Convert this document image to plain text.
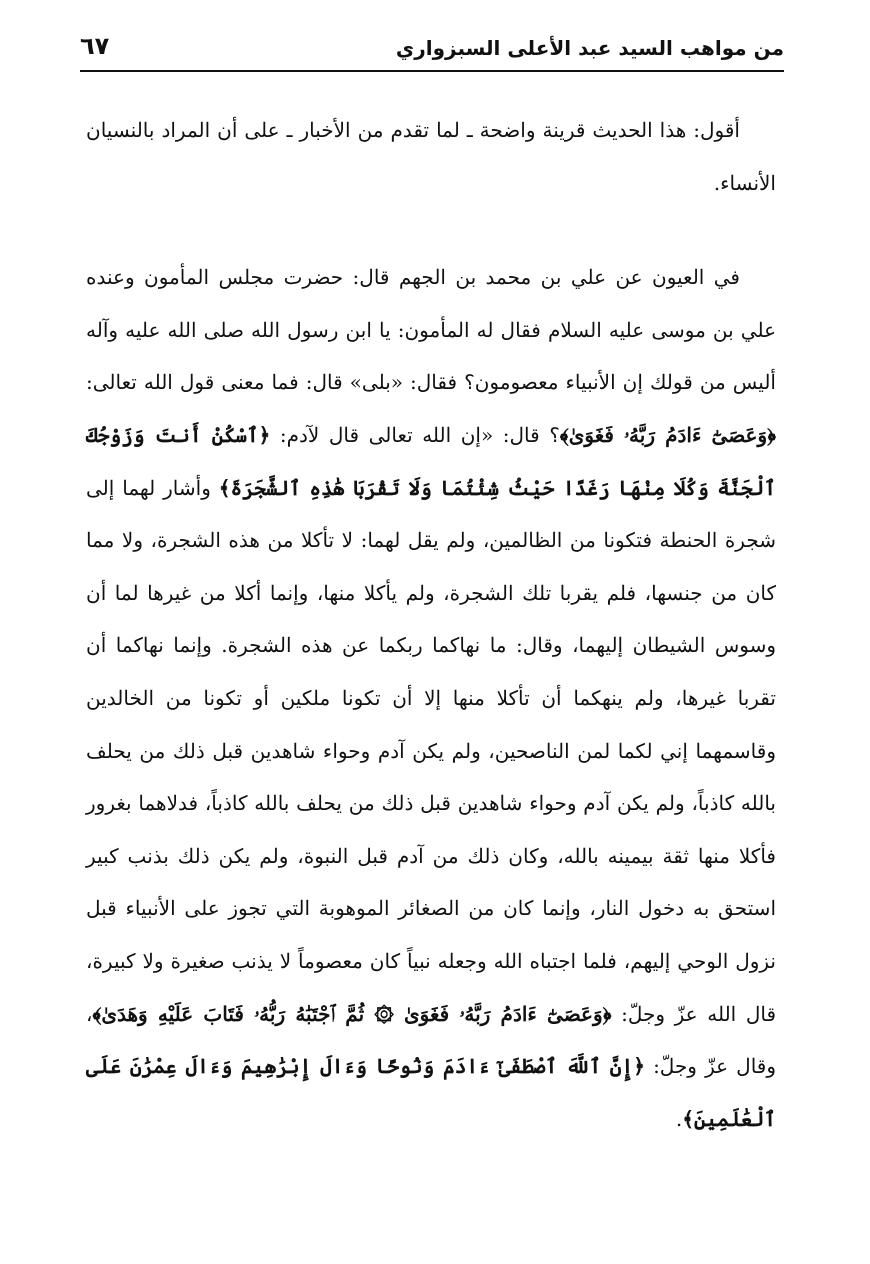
من مواهب السيد عبد الأعلى السبزواري
٦٧

أقول: هذا الحديث قرينة واضحة ـ لما تقدم من الأخبار ـ على أن المراد بالنسيان الأنساء.

في العيون عن علي بن محمد بن الجهم قال: حضرت مجلس المأمون وعنده علي بن موسى عليه السلام فقال له المأمون: يا ابن رسول الله صلى الله عليه وآله أليس من قولك إن الأنبياء معصومون؟ فقال: «بلى» قال: فما معنى قول الله تعالى: ﴿وَعَصَىٰٓ ءَادَمُ رَبَّهُۥ فَغَوَىٰ﴾؟ قال: «إن الله تعالى قال لآدم: ﴿ٱسْكُنْ أَنتَ وَزَوْجُكَ ٱلْجَنَّةَ وَكُلَا مِنْهَا رَغَدًا حَيْثُ شِئْتُمَا وَلَا تَقْرَبَا هَٰذِهِ ٱلشَّجَرَةَ﴾ وأشار لهما إلى شجرة الحنطة فتكونا من الظالمين، ولم يقل لهما: لا تأكلا من هذه الشجرة، ولا مما كان من جنسها، فلم يقربا تلك الشجرة، ولم يأكلا منها، وإنما أكلا من غيرها لما أن وسوس الشيطان إليهما، وقال: ما نهاكما ربكما عن هذه الشجرة. وإنما نهاكما أن تقربا غيرها، ولم ينهكما أن تأكلا منها إلا أن تكونا ملكين أو تكونا من الخالدين وقاسمهما إني لكما لمن الناصحين، ولم يكن آدم وحواء شاهدين قبل ذلك من يحلف بالله كاذباً، ولم يكن آدم وحواء شاهدين قبل ذلك من يحلف بالله كاذباً، فدلاهما بغرور فأكلا منها ثقة بيمينه بالله، وكان ذلك من آدم قبل النبوة، ولم يكن ذلك بذنب كبير استحق به دخول النار، وإنما كان من الصغائر الموهوبة التي تجوز على الأنبياء قبل نزول الوحي إليهم، فلما اجتباه الله وجعله نبياً كان معصوماً لا يذنب صغيرة ولا كبيرة، قال الله عزّ وجلّ: ﴿وَعَصَىٰٓ ءَادَمُ رَبَّهُۥ فَغَوَىٰ ۞ ثُمَّ ٱجْتَبَٰهُ رَبُّهُۥ فَتَابَ عَلَيْهِ وَهَدَىٰ﴾، وقال عزّ وجلّ: ﴿إِنَّ ٱللَّهَ ٱصْطَفَىٰٓ ءَادَمَ وَنُوحًا وَءَالَ إِبْرَٰهِيمَ وَءَالَ عِمْرَٰنَ عَلَى ٱلْعَٰلَمِينَ﴾.
